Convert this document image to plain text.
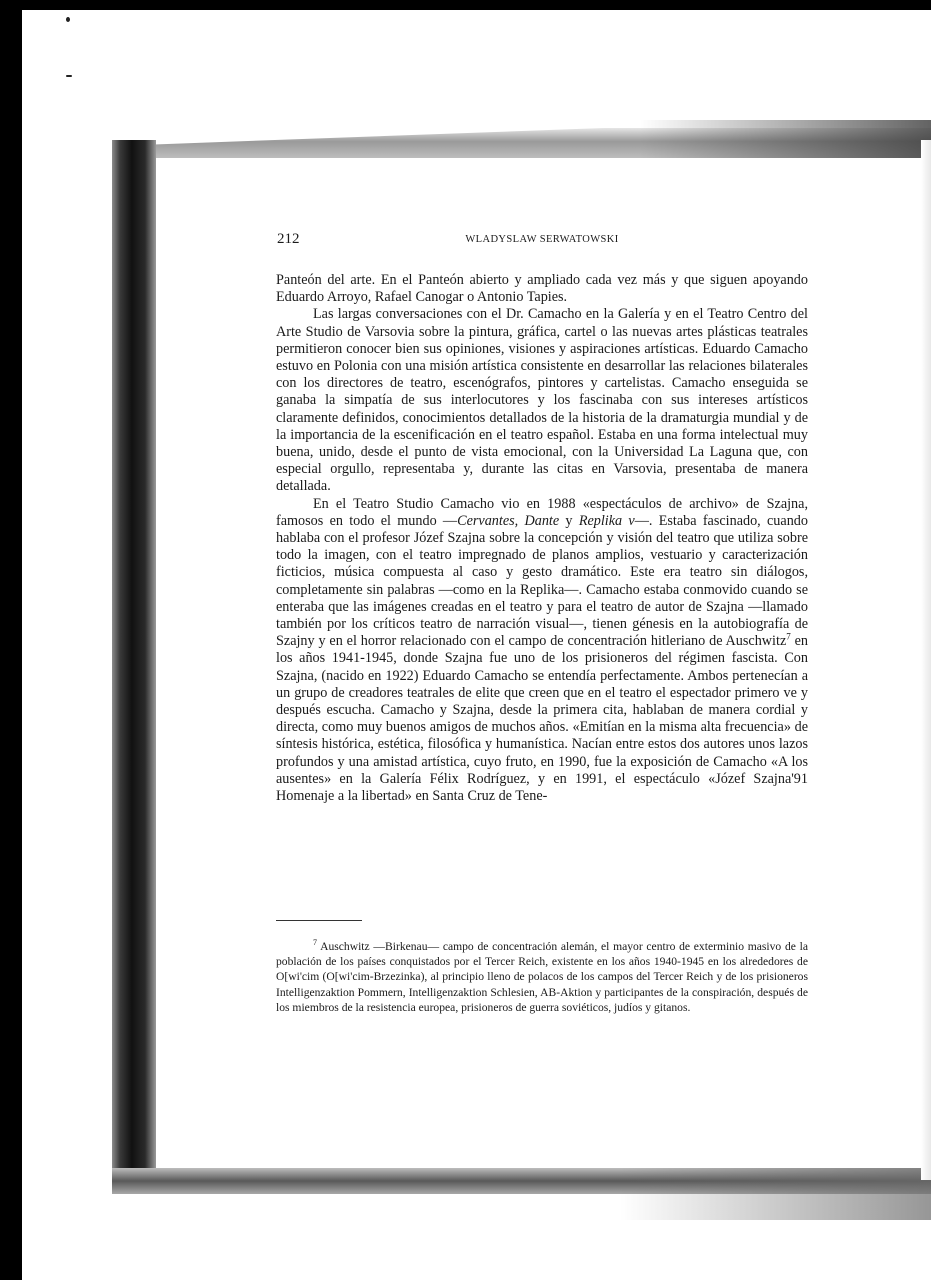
212	WLADYSLAW SERWATOWSKI

Panteón del arte. En el Panteón abierto y ampliado cada vez más y que siguen apoyando Eduardo Arroyo, Rafael Canogar o Antonio Tapies.

Las largas conversaciones con el Dr. Camacho en la Galería y en el Teatro Centro del Arte Studio de Varsovia sobre la pintura, gráfica, cartel o las nuevas artes plásticas teatrales permitieron conocer bien sus opiniones, visiones y aspiraciones artísticas. Eduardo Camacho estuvo en Polonia con una misión artística consistente en desarrollar las relaciones bilaterales con los directores de teatro, escenógrafos, pintores y cartelistas. Camacho enseguida se ganaba la simpatía de sus interlocutores y los fascinaba con sus intereses artísticos claramente definidos, conocimientos detallados de la historia de la dramaturgia mundial y de la importancia de la escenificación en el teatro español. Estaba en una forma intelectual muy buena, unido, desde el punto de vista emocional, con la Universidad La Laguna que, con especial orgullo, representaba y, durante las citas en Varsovia, presentaba de manera detallada.

En el Teatro Studio Camacho vio en 1988 «espectáculos de archivo» de Szajna, famosos en todo el mundo —Cervantes, Dante y Replika v—. Estaba fascinado, cuando hablaba con el profesor Józef Szajna sobre la concepción y visión del teatro que utiliza sobre todo la imagen, con el teatro impregnado de planos amplios, vestuario y caracterización ficticios, música compuesta al caso y gesto dramático. Este era teatro sin diálogos, completamente sin palabras —como en la Replika—. Camacho estaba conmovido cuando se enteraba que las imágenes creadas en el teatro y para el teatro de autor de Szajna —llamado también por los críticos teatro de narración visual—, tienen génesis en la autobiografía de Szajny y en el horror relacionado con el campo de concentración hitleriano de Auschwitz$^7$ en los años 1941-1945, donde Szajna fue uno de los prisioneros del régimen fascista. Con Szajna, (nacido en 1922) Eduardo Camacho se entendía perfectamente. Ambos pertenecían a un grupo de creadores teatrales de elite que creen que en el teatro el espectador primero ve y después escucha. Camacho y Szajna, desde la primera cita, hablaban de manera cordial y directa, como muy buenos amigos de muchos años. «Emitían en la misma alta frecuencia» de síntesis histórica, estética, filosófica y humanística. Nacían entre estos dos autores unos lazos profundos y una amistad artística, cuyo fruto, en 1990, fue la exposición de Camacho «A los ausentes» en la Galería Félix Rodríguez, y en 1991, el espectáculo «Józef Szajna'91 Homenaje a la libertad» en Santa Cruz de Tene-

$^7$ Auschwitz —Birkenau— campo de concentración alemán, el mayor centro de exterminio masivo de la población de los países conquistados por el Tercer Reich, existente en los años 1940-1945 en los alrededores de O[wi'cim (O[wi'cim-Brzezinka), al principio lleno de polacos de los campos del Tercer Reich y de los prisioneros Intelligenzaktion Pommern, Intelligenzaktion Schlesien, AB-Aktion y participantes de la conspiración, después de los miembros de la resistencia europea, prisioneros de guerra soviéticos, judíos y gitanos.
